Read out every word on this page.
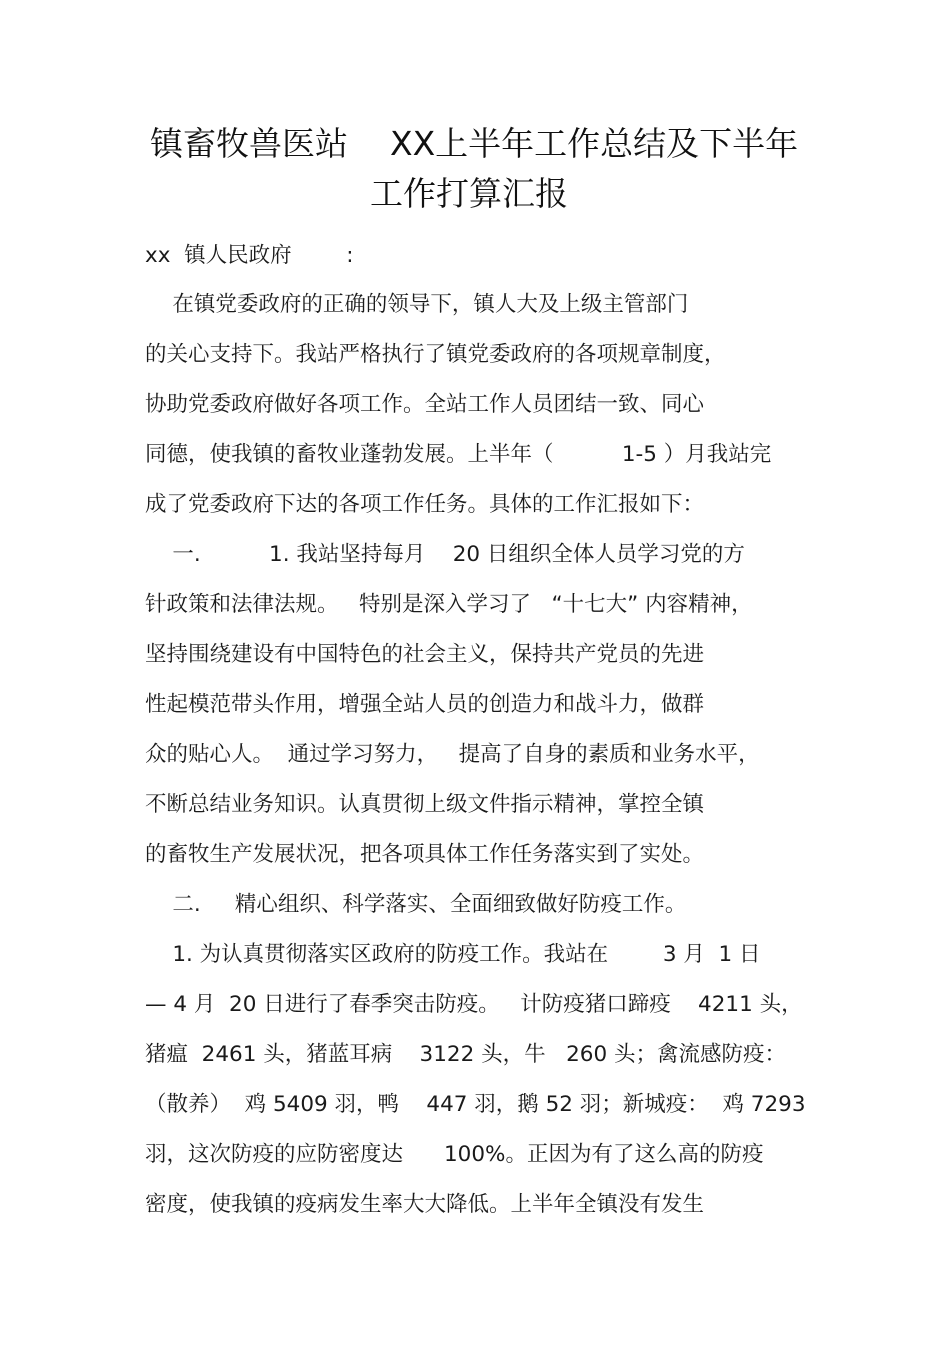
镇畜牧兽医站    XX上半年工作总结及下半年
工作打算汇报
xx  镇人民政府        :
在镇党委政府的正确的领导下，镇人大及上级主管部门
的关心支持下。我站严格执行了镇党委政府的各项规章制度，
协助党委政府做好各项工作。全站工作人员团结一致、同心
同德，使我镇的畜牧业蓬勃发展。上半年（          1-5 ）月我站完
成了党委政府下达的各项工作任务。具体的工作汇报如下：
一.          1. 我站坚持每月    20 日组织全体人员学习党的方
针政策和法律法规。   特别是深入学习了   “十七大” 内容精神，
坚持围绕建设有中国特色的社会主义，保持共产党员的先进
性起模范带头作用，增强全站人员的创造力和战斗力，做群
众的贴心人。  通过学习努力，   提高了自身的素质和业务水平，
不断总结业务知识。认真贯彻上级文件指示精神，掌控全镇
的畜牧生产发展状况，把各项具体工作任务落实到了实处。
二.     精心组织、科学落实、全面细致做好防疫工作。
1. 为认真贯彻落实区政府的防疫工作。我站在        3 月  1 日
— 4 月  20 日进行了春季突击防疫。   计防疫猪口蹄疫    4211 头，
猪瘟  2461 头，猪蓝耳病    3122 头，牛   260 头；禽流感防疫：
（散养）  鸡 5409 羽，鸭    447 羽，鹅 52 羽；新城疫：  鸡 7293
羽，这次防疫的应防密度达      100%。正因为有了这么高的防疫
密度，使我镇的疫病发生率大大降低。上半年全镇没有发生
